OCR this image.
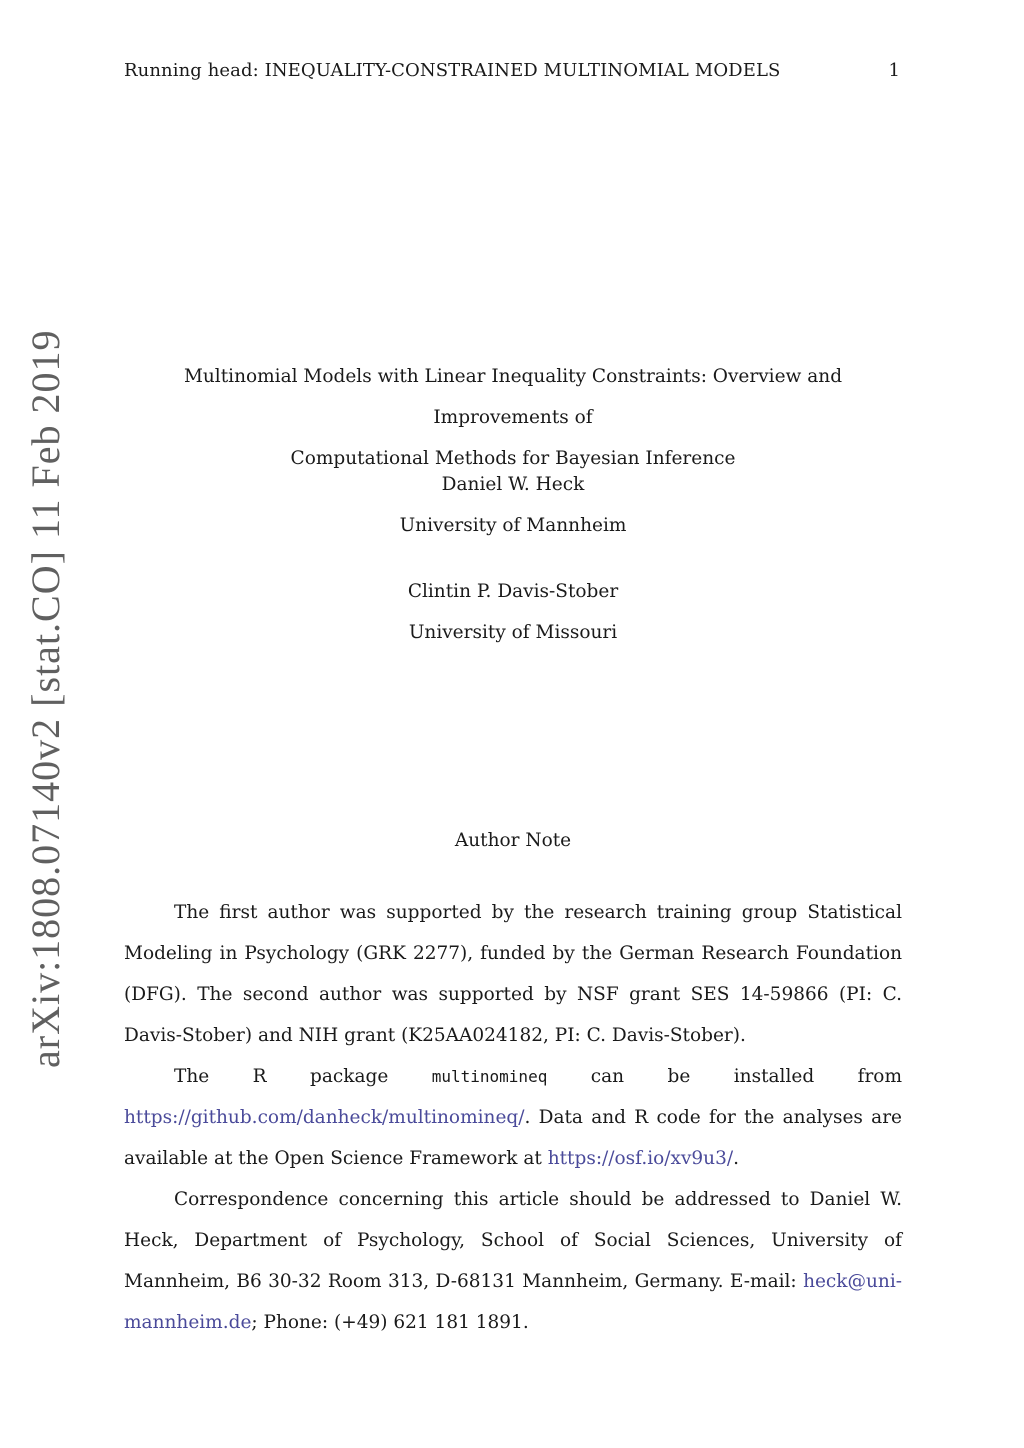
Running head: INEQUALITY-CONSTRAINED MULTINOMIAL MODELS	1
arXiv:1808.07140v2 [stat.CO] 11 Feb 2019	Multinomial Models with Linear Inequality Constraints: Overview and Improvements of
Computational Methods for Bayesian Inference
Daniel W. Heck
University of Mannheim
Clintin P. Davis-Stober
University of Missouri
Author Note

The first author was supported by the research training group Statistical Modeling in Psychology (GRK 2277), funded by the German Research Foundation (DFG). The second author was supported by NSF grant SES 14-59866 (PI: C. Davis-Stober) and NIH grant (K25AA024182, PI: C. Davis-Stober).

The R package multinomineq can be installed from https://github.com/danheck/multinomineq/. Data and R code for the analyses are available at the Open Science Framework at https://osf.io/xv9u3/.

Correspondence concerning this article should be addressed to Daniel W. Heck, Department of Psychology, School of Social Sciences, University of Mannheim, B6 30-32 Room 313, D-68131 Mannheim, Germany. E-mail: heck@uni-mannheim.de; Phone: (+49) 621 181 1891.
